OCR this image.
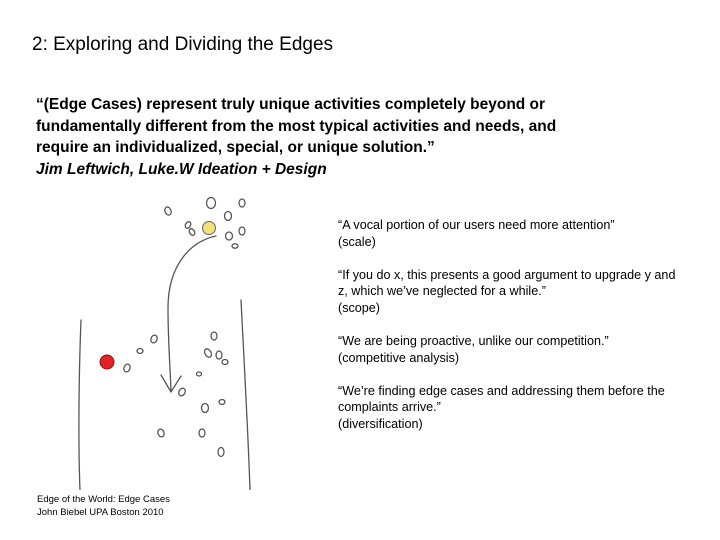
2: Exploring and Dividing the Edges
“(Edge Cases) represent truly unique activities completely beyond or
fundamentally different from the most typical activities and needs, and
require an individualized, special, or unique solution.”
Jim Leftwich, Luke.W Ideation + Design
“A vocal portion of our users need more attention”
(scale)
“If you do x, this presents a good argument to upgrade y and
z, which we’ve neglected for a while.”
(scope)
“We are being proactive, unlike our competition.”
(competitive analysis)
“We’re finding edge cases and addressing them before the
complaints arrive.”
(diversification)
Edge of the World: Edge Cases
John Biebel UPA Boston 2010
